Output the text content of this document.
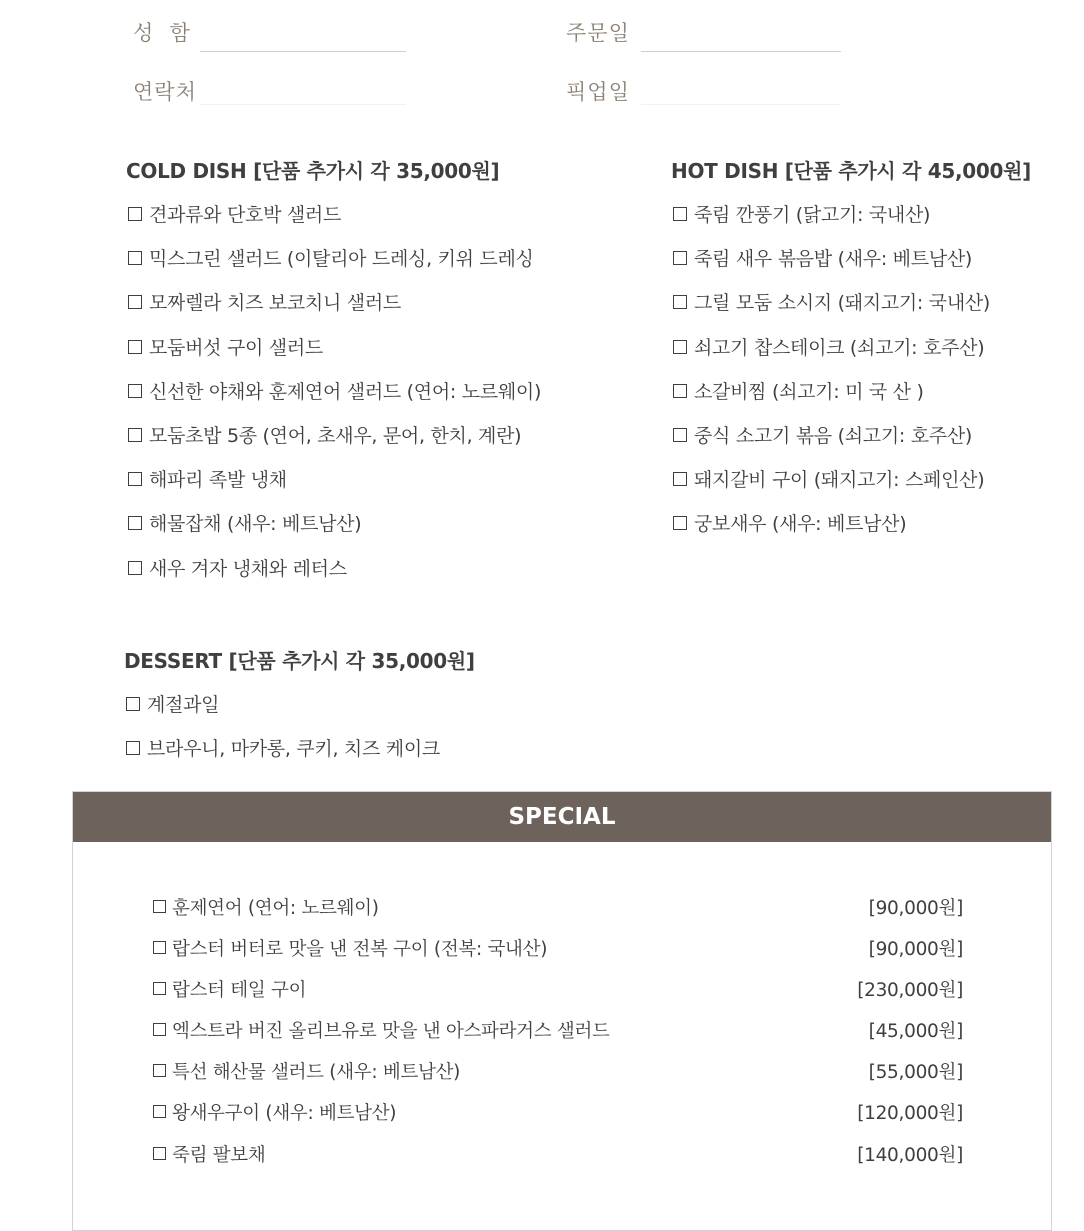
성  함	주문일
연락처	픽업일
COLD DISH [단품 추가시 각 35,000원]
견과류와 단호박 샐러드
믹스그린 샐러드 (이탈리아 드레싱, 키위 드레싱
모짜렐라 치즈 보코치니 샐러드
모둠버섯 구이 샐러드
신선한 야채와 훈제연어 샐러드 (연어: 노르웨이)
모둠초밥 5종 (연어, 초새우, 문어, 한치, 계란)
해파리 족발 냉채
해물잡채 (새우: 베트남산)
새우 겨자 냉채와 레터스
HOT DISH [단품 추가시 각 45,000원]
죽림 깐풍기 (닭고기: 국내산)
죽림 새우 볶음밥 (새우: 베트남산)
그릴 모둠 소시지 (돼지고기: 국내산)
쇠고기 찹스테이크 (쇠고기: 호주산)
소갈비찜 (쇠고기: 미 국 산 )
중식 소고기 볶음 (쇠고기: 호주산)
돼지갈비 구이 (돼지고기: 스페인산)
궁보새우 (새우: 베트남산)
DESSERT [단품 추가시 각 35,000원]
계절과일
브라우니, 마카롱, 쿠키, 치즈 케이크
SPECIAL
훈제연어 (연어: 노르웨이)	[90,000원]
랍스터 버터로 맛을 낸 전복 구이 (전복: 국내산)	[90,000원]
랍스터 테일 구이	[230,000원]
엑스트라 버진 올리브유로 맛을 낸 아스파라거스 샐러드	[45,000원]
특선 해산물 샐러드 (새우: 베트남산)	[55,000원]
왕새우구이 (새우: 베트남산)	[120,000원]
죽림 팔보채	[140,000원]
